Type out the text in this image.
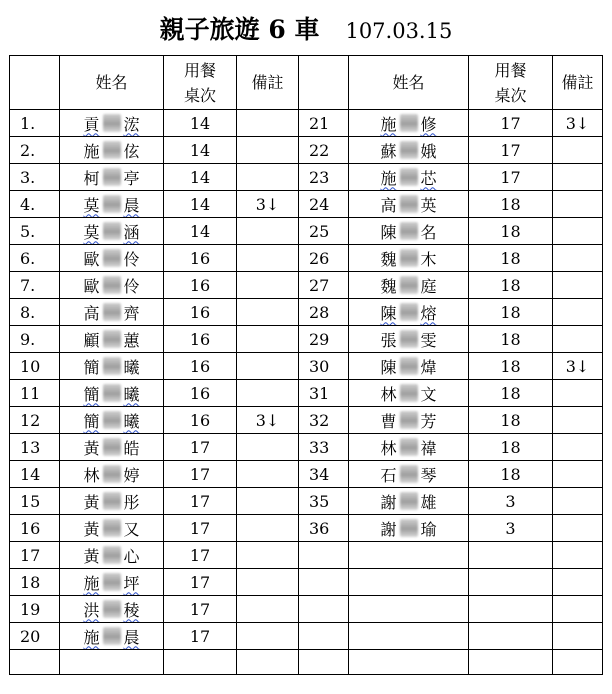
親子旅遊 6 車 107.03.15
	姓名	用餐
桌次	備註		姓名	用餐
桌次	備註
1.	貢 浤	14		21	施 修	17	3↓
2.	施 伭	14		22	蘇 娥	17	
3.	柯 亭	14		23	施 芯	17	
4.	莫 晨	14	3↓	24	高 英	18	
5.	莫 涵	14		25	陳 名	18	
6.	歐 伶	16		26	魏 木	18	
7.	歐 伶	16		27	魏 庭	18	
8.	高 齊	16		28	陳 熔	18	
9.	顧 蕙	16		29	張 雯	18	
10	簡 曦	16		30	陳 煒	18	3↓
11	簡 曦	16		31	林 文	18	
12	簡 曦	16	3↓	32	曹 芳	18	
13	黃 皓	17		33	林 禕	18	
14	林 婷	17		34	石 琴	18	
15	黃 彤	17		35	謝 雄	3	
16	黃 又	17		36	謝 瑜	3	
17	黃 心	17					
18	施 坪	17					
19	洪 稜	17					
20	施 晨	17					
